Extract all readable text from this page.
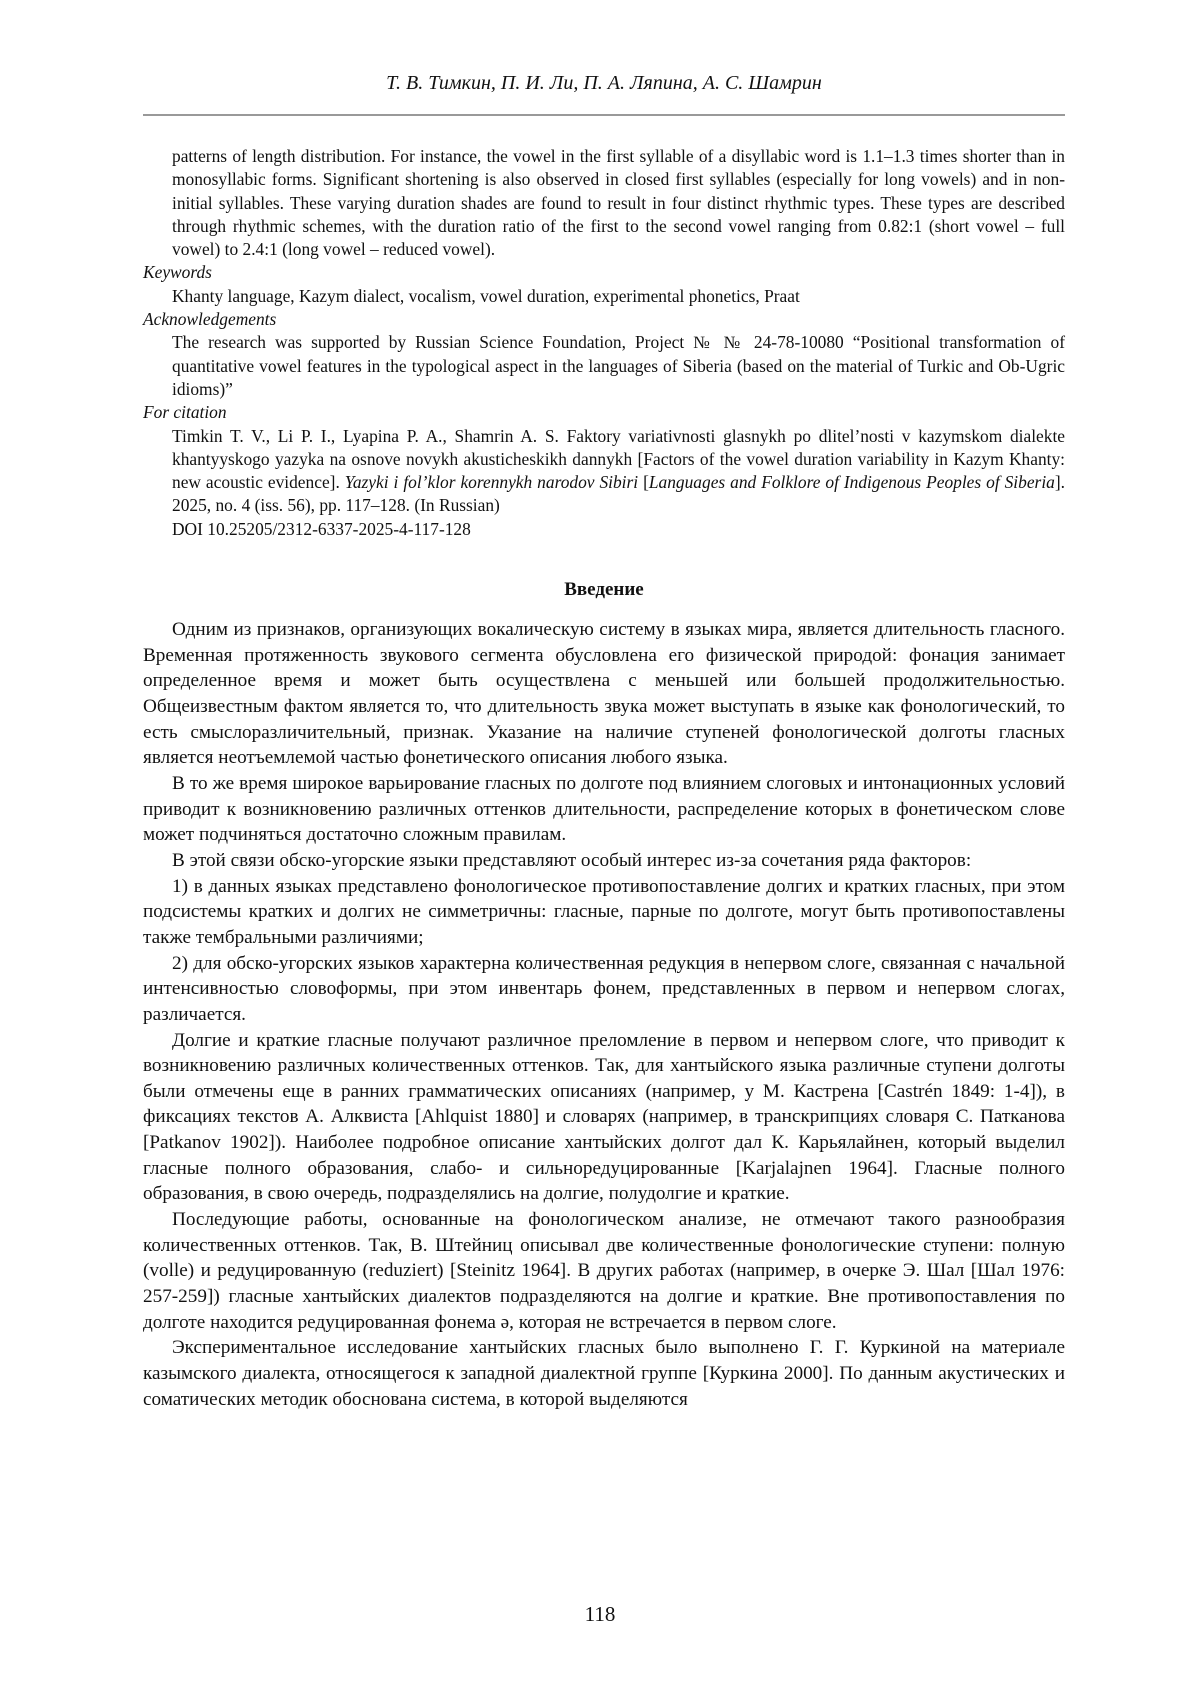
Т. В. Тимкин, П. И. Ли, П. А. Ляпина, А. С. Шамрин
patterns of length distribution. For instance, the vowel in the first syllable of a disyllabic word is 1.1–1.3 times shorter than in monosyllabic forms. Significant shortening is also observed in closed first syllables (especially for long vowels) and in non-initial syllables. These varying duration shades are found to result in four distinct rhythmic types. These types are described through rhythmic schemes, with the duration ratio of the first to the second vowel ranging from 0.82:1 (short vowel – full vowel) to 2.4:1 (long vowel – reduced vowel).
Keywords
Khanty language, Kazym dialect, vocalism, vowel duration, experimental phonetics, Praat
Acknowledgements
The research was supported by Russian Science Foundation, Project № № 24-78-10080 “Positional transformation of quantitative vowel features in the typological aspect in the languages of Siberia (based on the material of Turkic and Ob-Ugric idioms)”
For citation
Timkin T. V., Li P. I., Lyapina P. A., Shamrin A. S. Faktory variativnosti glasnykh po dlitel’nosti v kazymskom dialekte khantyyskogo yazyka na osnove novykh akusticheskikh dannykh [Factors of the vowel duration variability in Kazym Khanty: new acoustic evidence]. Yazyki i fol’klor korennykh narodov Sibiri [Languages and Folklore of Indigenous Peoples of Siberia]. 2025, no. 4 (iss. 56), pp. 117–128. (In Russian)
DOI 10.25205/2312-6337-2025-4-117-128
Введение

Одним из признаков, организующих вокалическую систему в языках мира, является длительность гласного. Временная протяженность звукового сегмента обусловлена его физической природой: фонация занимает определенное время и может быть осуществлена с меньшей или большей продолжительностью. Общеизвестным фактом является то, что длительность звука может выступать в языке как фонологический, то есть смыслоразличительный, признак. Указание на наличие ступеней фонологической долготы гласных является неотъемлемой частью фонетического описания любого языка.

В то же время широкое варьирование гласных по долготе под влиянием слоговых и интонационных условий приводит к возникновению различных оттенков длительности, распределение которых в фонетическом слове может подчиняться достаточно сложным правилам.

В этой связи обско-угорские языки представляют особый интерес из-за сочетания ряда факторов:

1) в данных языках представлено фонологическое противопоставление долгих и кратких гласных, при этом подсистемы кратких и долгих не симметричны: гласные, парные по долготе, могут быть противопоставлены также тембральными различиями;

2) для обско-угорских языков характерна количественная редукция в непервом слоге, связанная с начальной интенсивностью словоформы, при этом инвентарь фонем, представленных в первом и непервом слогах, различается.

Долгие и краткие гласные получают различное преломление в первом и непервом слоге, что приводит к возникновению различных количественных оттенков. Так, для хантыйского языка различные ступени долготы были отмечены еще в ранних грамматических описаниях (например, у М. Кастрена [Castrén 1849: 1-4]), в фиксациях текстов А. Алквиста [Ahlquist 1880] и словарях (например, в транскрипциях словаря С. Патканова [Patkanov 1902]). Наиболее подробное описание хантыйских долгот дал К. Карьялайнен, который выделил гласные полного образования, слабо- и сильноредуцированные [Karjalajnen 1964]. Гласные полного образования, в свою очередь, подразделялись на долгие, полудолгие и краткие.

Последующие работы, основанные на фонологическом анализе, не отмечают такого разнообразия количественных оттенков. Так, В. Штейниц описывал две количественные фонологические ступени: полную (volle) и редуцированную (reduziert) [Steinitz 1964]. В других работах (например, в очерке Э. Шал [Шал 1976: 257-259]) гласные хантыйских диалектов подразделяются на долгие и краткие. Вне противопоставления по долготе находится редуцированная фонема ə, которая не встречается в первом слоге.

Экспериментальное исследование хантыйских гласных было выполнено Г. Г. Куркиной на материале казымского диалекта, относящегося к западной диалектной группе [Куркина 2000]. По данным акустических и соматических методик обоснована система, в которой выделяются

118
